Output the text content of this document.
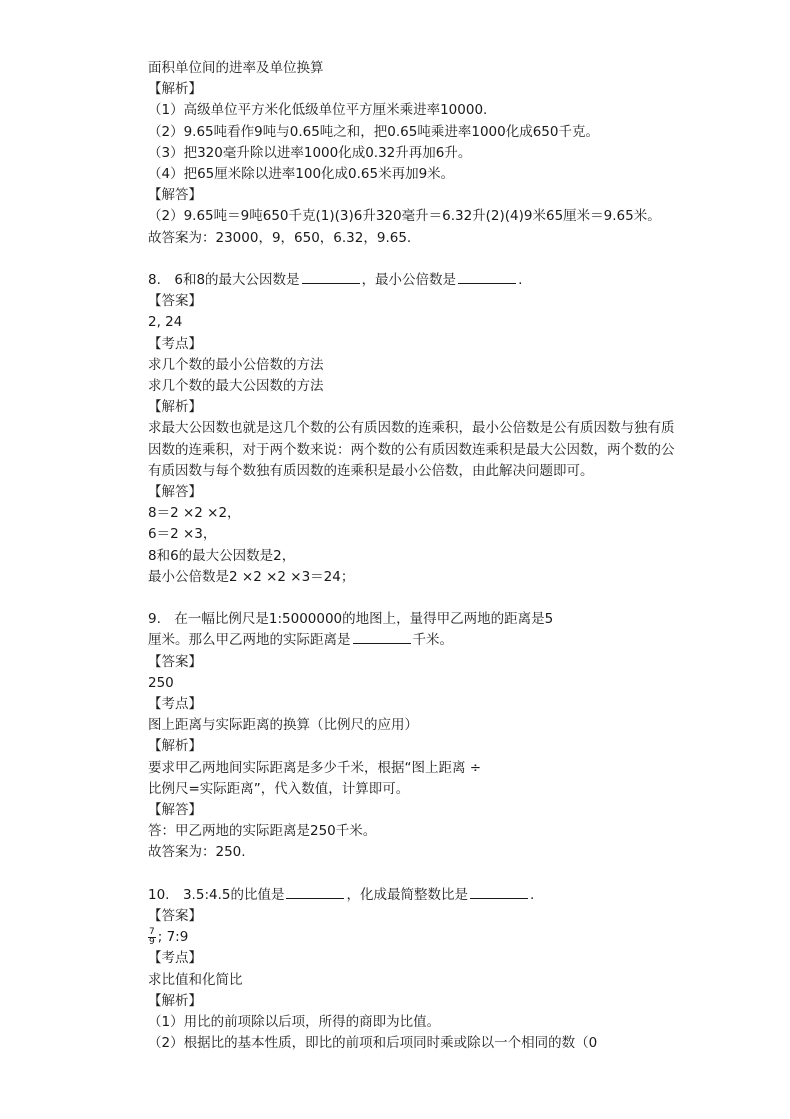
面积单位间的进率及单位换算
【解析】
（1）高级单位平方米化低级单位平方厘米乘进率10000.
（2）9.65吨看作9吨与0.65吨之和，把0.65吨乘进率1000化成650千克。
（3）把320毫升除以进率1000化成0.32升再加6升。
（4）把65厘米除以进率100化成0.65米再加9米。
【解答】
（2）9.65吨＝9吨650千克(1)(3)6升320毫升＝6.32升(2)(4)9米65厘米＝9.65米。
故答案为：23000，9，650，6.32，9.65.
8.　6和8的最大公因数是	，最小公倍数是	.
【答案】
2, 24
【考点】
求几个数的最小公倍数的方法
求几个数的最大公因数的方法
【解析】
求最大公因数也就是这几个数的公有质因数的连乘积，最小公倍数是公有质因数与独有质因数的连乘积，对于两个数来说：两个数的公有质因数连乘积是最大公因数，两个数的公有质因数与每个数独有质因数的连乘积是最小公倍数，由此解决问题即可。
【解答】
8＝2 ×2 ×2，
6＝2 ×3，
8和6的最大公因数是2，
最小公倍数是2 ×2 ×2 ×3＝24；
9.　在一幅比例尺是1:5000000的地图上，量得甲乙两地的距离是5
厘米。那么甲乙两地的实际距离是	千米。
【答案】
250
【考点】
图上距离与实际距离的换算（比例尺的应用）
【解析】
要求甲乙两地间实际距离是多少千米，根据“图上距离 ÷
比例尺=实际距离”，代入数值，计算即可。
【解答】
答：甲乙两地的实际距离是250千米。
故答案为：250.
10.　3.5:4.5的比值是	，化成最简整数比是	.
【答案】
$\frac{7}{9}$ ; 7:9
【考点】
求比值和化简比
【解析】
（1）用比的前项除以后项，所得的商即为比值。
（2）根据比的基本性质，即比的前项和后项同时乘或除以一个相同的数（0
